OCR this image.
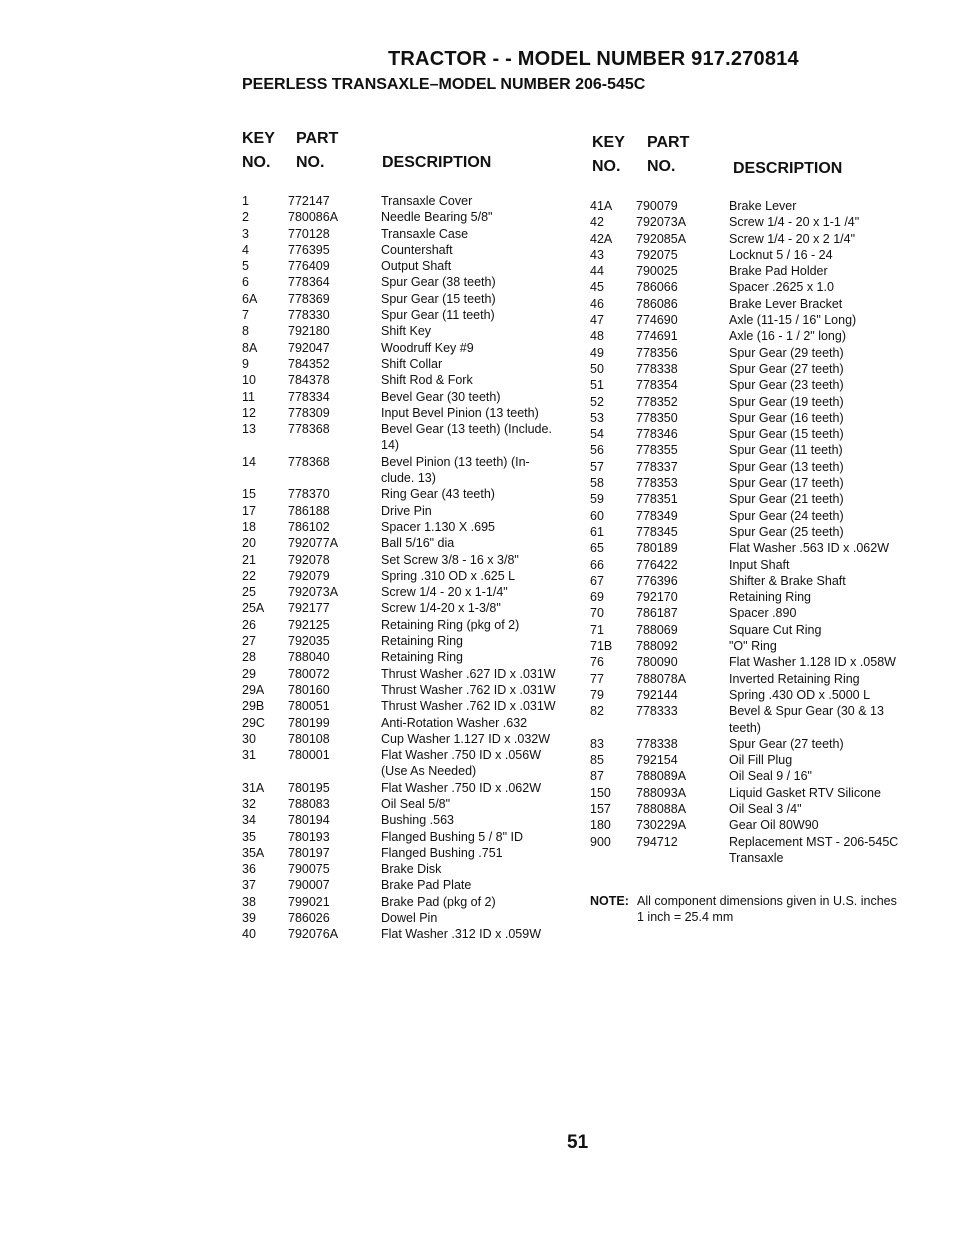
TRACTOR - - MODEL NUMBER 917.270814
PEERLESS TRANSAXLE–MODEL NUMBER 206-545C
KEY
NO.
PART
NO.	DESCRIPTION
KEY
NO.
PART
NO.	DESCRIPTION
1	772147	Transaxle Cover
2	780086A	Needle Bearing 5/8"
3	770128	Transaxle Case
4	776395	Countershaft
5	776409	Output Shaft
6	778364	Spur Gear (38 teeth)
6A	778369	Spur Gear (15 teeth)
7	778330	Spur Gear (11 teeth)
8	792180	Shift Key
8A	792047	Woodruff Key #9
9	784352	Shift Collar
10	784378	Shift Rod & Fork
11	778334	Bevel Gear (30 teeth)
12	778309	Input Bevel Pinion (13 teeth)
13	778368	Bevel Gear (13 teeth) (Include.
14)
14	778368	Bevel Pinion (13 teeth) (In-
clude. 13)
15	778370	Ring Gear (43 teeth)
17	786188	Drive Pin
18	786102	Spacer 1.130 X .695
20	792077A	Ball 5/16" dia
21	792078	Set Screw 3/8 - 16 x 3/8"
22	792079	Spring .310 OD x .625 L
25	792073A	Screw 1/4 - 20 x 1-1/4"
25A	792177	Screw 1/4-20 x 1-3/8"
26	792125	Retaining Ring (pkg of 2)
27	792035	Retaining Ring
28	788040	Retaining Ring
29	780072	Thrust Washer .627 ID x .031W
29A	780160	Thrust Washer .762 ID x .031W
29B	780051	Thrust Washer .762 ID x .031W
29C	780199	Anti-Rotation Washer .632
30	780108	Cup Washer 1.127 ID x .032W
31	780001	Flat Washer .750 ID x .056W
(Use As Needed)
31A	780195	Flat Washer .750 ID x .062W
32	788083	Oil Seal 5/8"
34	780194	Bushing .563
35	780193	Flanged Bushing 5 / 8" ID
35A	780197	Flanged Bushing .751
36	790075	Brake Disk
37	790007	Brake Pad Plate
38	799021	Brake Pad (pkg of 2)
39	786026	Dowel Pin
40	792076A	Flat Washer .312 ID x .059W
41A	790079	Brake Lever
42	792073A	Screw 1/4 - 20 x 1-1 /4"
42A	792085A	Screw 1/4 - 20 x 2 1/4"
43	792075	Locknut 5 / 16 - 24
44	790025	Brake Pad Holder
45	786066	Spacer .2625 x 1.0
46	786086	Brake Lever Bracket
47	774690	Axle (11-15 / 16" Long)
48	774691	Axle (16 - 1 / 2" long)
49	778356	Spur Gear (29 teeth)
50	778338	Spur Gear (27 teeth)
51	778354	Spur Gear (23 teeth)
52	778352	Spur Gear (19 teeth)
53	778350	Spur Gear (16 teeth)
54	778346	Spur Gear (15 teeth)
56	778355	Spur Gear (11 teeth)
57	778337	Spur Gear (13 teeth)
58	778353	Spur Gear (17 teeth)
59	778351	Spur Gear (21 teeth)
60	778349	Spur Gear (24 teeth)
61	778345	Spur Gear (25 teeth)
65	780189	Flat Washer .563 ID x .062W
66	776422	Input Shaft
67	776396	Shifter & Brake Shaft
69	792170	Retaining Ring
70	786187	Spacer .890
71	788069	Square Cut Ring
71B	788092	"O" Ring
76	780090	Flat Washer 1.128 ID x .058W
77	788078A	Inverted Retaining Ring
79	792144	Spring .430 OD x .5000 L
82	778333	Bevel & Spur Gear (30 & 13
teeth)
83	778338	Spur Gear (27 teeth)
85	792154	Oil Fill Plug
87	788089A	Oil Seal 9 / 16"
150	788093A	Liquid Gasket RTV Silicone
157	788088A	Oil Seal 3 /4"
180	730229A	Gear Oil 80W90
900	794712	Replacement MST - 206-545C
Transaxle
NOTE: All component dimensions given in U.S. inches
1 inch = 25.4 mm
51
